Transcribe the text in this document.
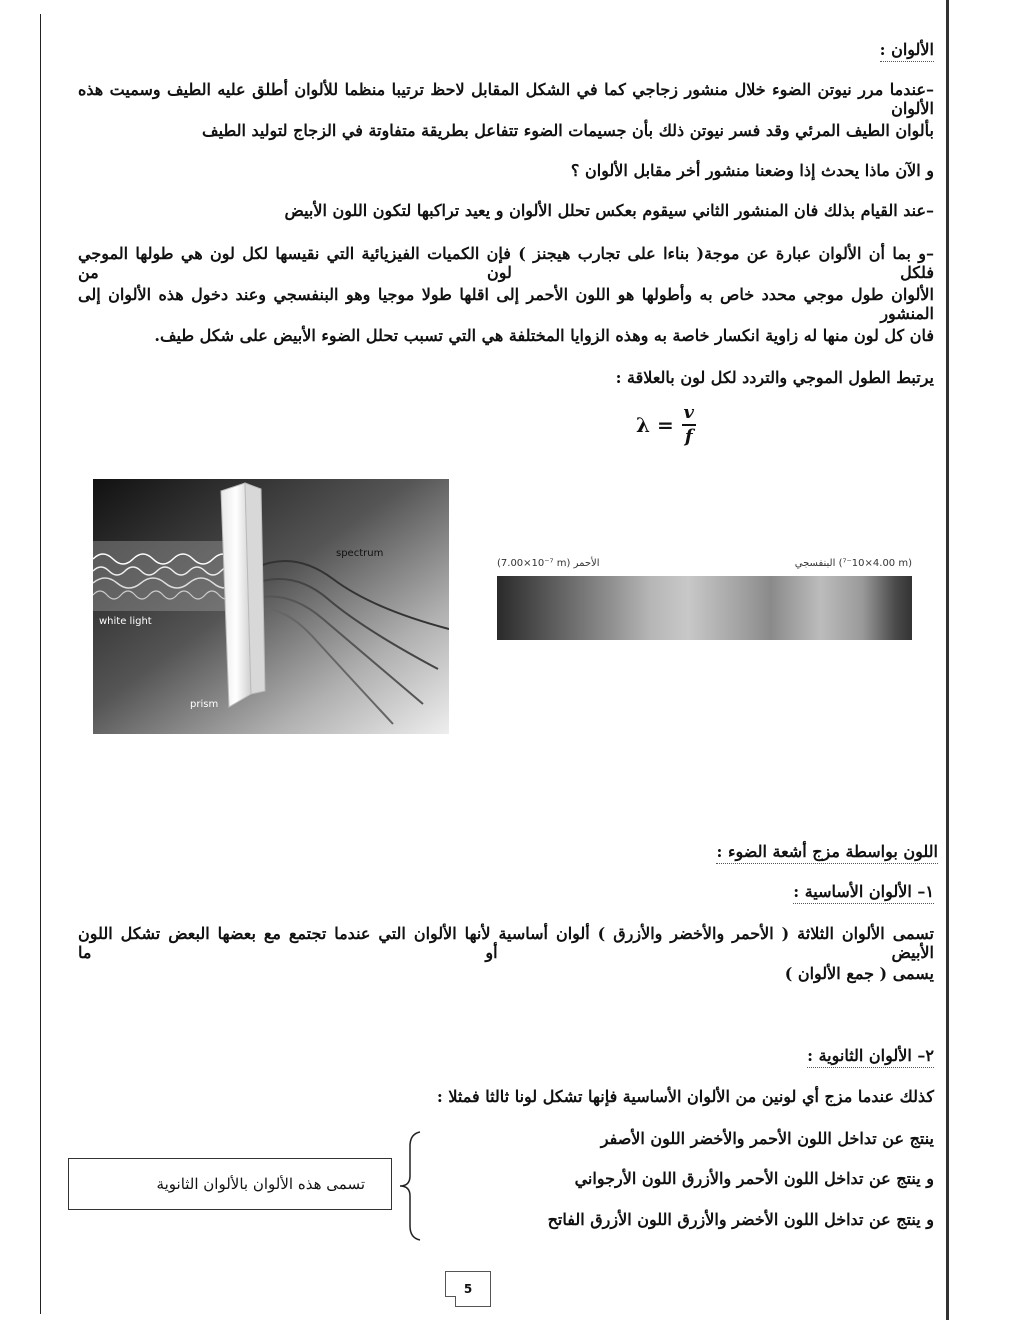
الألوان :
–عندما مرر نيوتن الضوء خلال منشور زجاجي كما في الشكل المقابل لاحظ ترتيبا منظما للألوان أطلق عليه الطيف وسميت هذه الألوان
بألوان الطيف المرئي وقد فسر نيوتن ذلك بأن جسيمات الضوء تتفاعل بطريقة متفاوتة في الزجاج لتوليد الطيف
و الآن ماذا يحدث إذا وضعنا منشور أخر مقابل الألوان ؟
–عند القيام بذلك فان المنشور الثاني سيقوم بعكس تحلل الألوان و يعيد تراكبها لتكون اللون الأبيض
–و بما أن الألوان عبارة عن موجة( بناءا على تجارب هيجنز ) فإن الكميات الفيزيائية التي نقيسها لكل لون هي طولها الموجي فلكل لون من
الألوان طول موجي محدد خاص به وأطولها هو اللون الأحمر إلى اقلها طولا موجيا وهو البنفسجي وعند دخول هذه الألوان إلى المنشور
فان كل لون منها له زاوية انكسار خاصة به وهذه الزوايا المختلفة هي التي تسبب تحلل الضوء الأبيض على شكل طيف.
يرتبط الطول الموجي والتردد لكل لون بالعلاقة :
$\lambda = \frac{v}{f}$
spectrum
white light
prism
(7.00×10⁻⁷ m) الأحمر	البنفسجي (4.00×10⁻⁷ m)
اللون بواسطة مزج أشعة الضوء :
١– الألوان الأساسية :
تسمى الألوان الثلاثة ( الأحمر والأخضر والأزرق ) ألوان أساسية لأنها الألوان التي عندما تجتمع مع بعضها البعض تشكل اللون الأبيض أو ما
يسمى ( جمع الألوان )
٢– الألوان الثانوية :
كذلك عندما مزج أي لونين من الألوان الأساسية فإنها تشكل لونا ثالثا فمثلا :
ينتج عن تداخل اللون الأحمر والأخضر اللون الأصفر
و ينتج عن تداخل اللون الأحمر والأزرق اللون الأرجواني
و ينتج عن تداخل اللون الأخضر والأزرق اللون الأزرق الفاتح
تسمى هذه الألوان بالألوان الثانوية
5
